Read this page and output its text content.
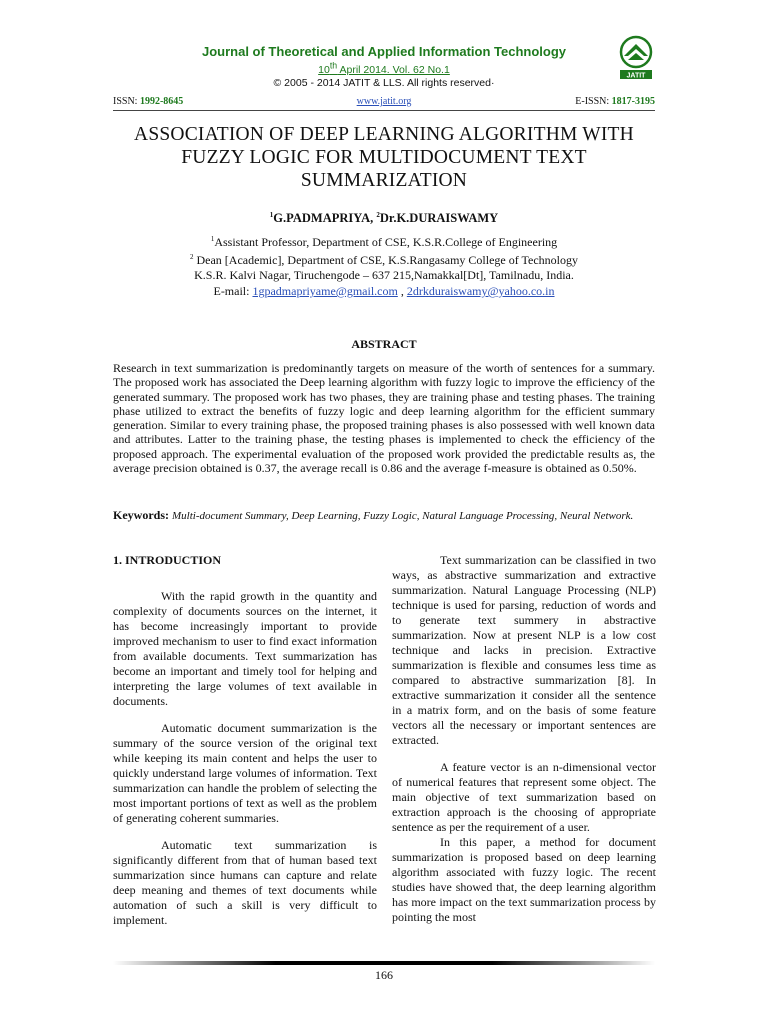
Journal of Theoretical and Applied Information Technology
10th April 2014. Vol. 62 No.1
© 2005 - 2014 JATIT & LLS. All rights reserved·
JATIT
ISSN: 1992-8645	www.jatit.org	E-ISSN: 1817-3195
ASSOCIATION OF DEEP LEARNING ALGORITHM WITH
FUZZY LOGIC FOR MULTIDOCUMENT TEXT
SUMMARIZATION
$^1$G.PADMAPRIYA, $^2$Dr.K.DURAISWAMY
$^1$Assistant Professor, Department of CSE, K.S.R.College of Engineering
$^2$ Dean [Academic], Department of CSE, K.S.Rangasamy College of Technology
K.S.R. Kalvi Nagar, Tiruchengode – 637 215,Namakkal[Dt], Tamilnadu, India.
E-mail: 1gpadmapriyame@gmail.com , 2drkduraiswamy@yahoo.co.in
ABSTRACT
Research in text summarization is predominantly targets on measure of the worth of sentences for a summary. The proposed work has associated the Deep learning algorithm with fuzzy logic to improve the efficiency of the generated summary. The proposed work has two phases, they are training phase and testing phases. The training phase utilized to extract the benefits of fuzzy logic and deep learning algorithm for the efficient summary generation. Similar to every training phase, the proposed training phases is also possessed with well known data and attributes. Latter to the training phase, the testing phases is implemented to check the efficiency of the proposed approach. The experimental evaluation of the proposed work provided the predictable results as, the average precision obtained is 0.37, the average recall is 0.86 and the average f-measure is obtained as 0.50%.
Keywords: Multi-document Summary, Deep Learning, Fuzzy Logic, Natural Language Processing, Neural Network.
1. INTRODUCTION

With the rapid growth in the quantity and complexity of documents sources on the internet, it has become increasingly important to provide improved mechanism to user to find exact information from available documents. Text summarization has become an important and timely tool for helping and interpreting the large volumes of text available in documents.

Automatic document summarization is the summary of the source version of the original text while keeping its main content and helps the user to quickly understand large volumes of information. Text summarization can handle the problem of selecting the most important portions of text as well as the problem of generating coherent summaries.

Automatic text summarization is significantly different from that of human based text summarization since humans can capture and relate deep meaning and themes of text documents while automation of such a skill is very difficult to implement.

Text summarization can be classified in two ways, as abstractive summarization and extractive summarization. Natural Language Processing (NLP) technique is used for parsing, reduction of words and to generate text summery in abstractive summarization. Now at present NLP is a low cost technique and lacks in precision. Extractive summarization is flexible and consumes less time as compared to abstractive summarization [8]. In extractive summarization it consider all the sentence in a matrix form, and on the basis of some feature vectors all the necessary or important sentences are extracted.

A feature vector is an n-dimensional vector of numerical features that represent some object. The main objective of text summarization based on extraction approach is the choosing of appropriate sentence as per the requirement of a user.

In this paper, a method for document summarization is proposed based on deep learning algorithm associated with fuzzy logic. The recent studies have showed that, the deep learning algorithm has more impact on the text summarization process by pointing the most

166
